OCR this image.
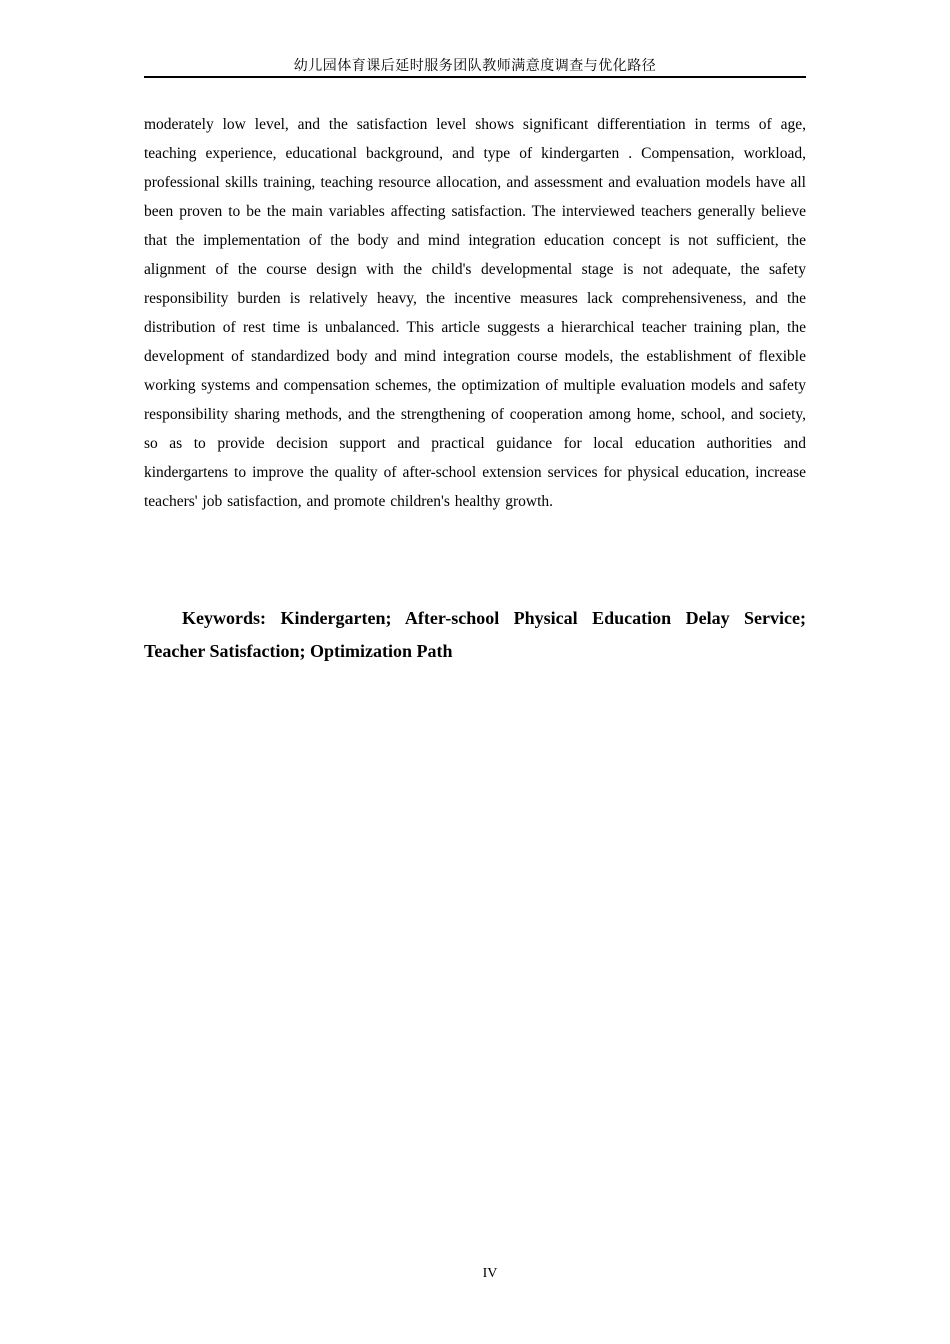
幼儿园体育课后延时服务团队教师满意度调查与优化路径

moderately low level, and the satisfaction level shows significant differentiation in terms of age, teaching experience, educational background, and type of kindergarten . Compensation, workload, professional skills training, teaching resource allocation, and assessment and evaluation models have all been proven to be the main variables affecting satisfaction. The interviewed teachers generally believe that the implementation of the body and mind integration education concept is not sufficient, the alignment of the course design with the child's developmental stage is not adequate, the safety responsibility burden is relatively heavy, the incentive measures lack comprehensiveness, and the distribution of rest time is unbalanced. This article suggests a hierarchical teacher training plan, the development of standardized body and mind integration course models, the establishment of flexible working systems and compensation schemes, the optimization of multiple evaluation models and safety responsibility sharing methods, and the strengthening of cooperation among home, school, and society, so as to provide decision support and practical guidance for local education authorities and kindergartens to improve the quality of after-school extension services for physical education, increase teachers' job satisfaction, and promote children's healthy growth.

Keywords: Kindergarten; After-school Physical Education Delay Service; Teacher Satisfaction; Optimization Path
IV
